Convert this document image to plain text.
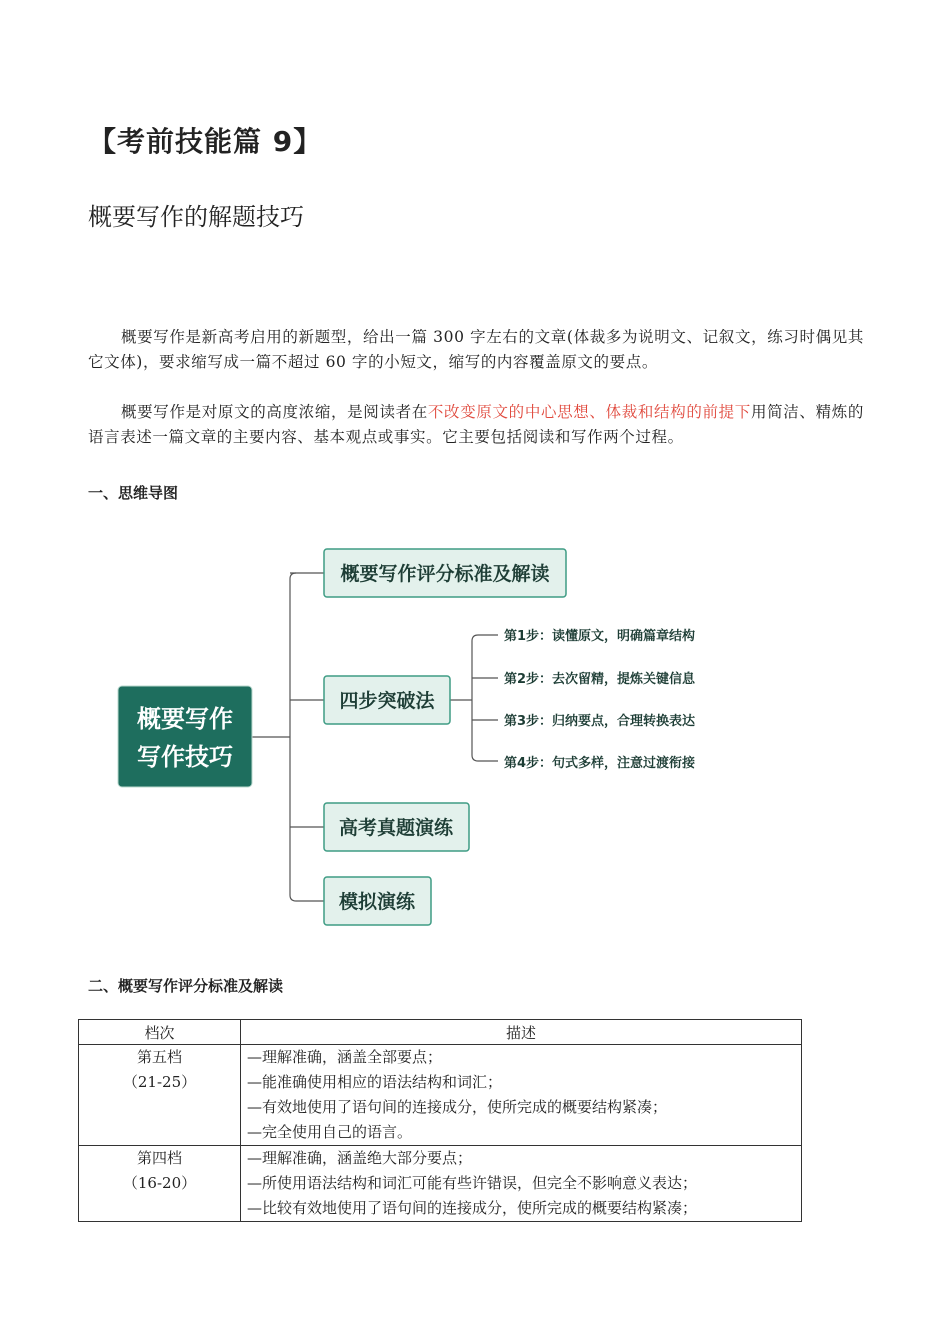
【考前技能篇 9】
概要写作的解题技巧

概要写作是新高考启用的新题型，给出一篇 300 字左右的文章(体裁多为说明文、记叙文，练习时偶见其它文体)，要求缩写成一篇不超过 60 字的小短文，缩写的内容覆盖原文的要点。

概要写作是对原文的高度浓缩，是阅读者在不改变原文的中心思想、体裁和结构的前提下用简洁、精炼的语言表述一篇文章的主要内容、基本观点或事实。它主要包括阅读和写作两个过程。

一、思维导图
概要写作
写作技巧
概要写作评分标准及解读
四步突破法
高考真题演练
模拟演练
第1步：读懂原文，明确篇章结构
第2步：去次留精，提炼关键信息
第3步：归纳要点，合理转换表达
第4步：句式多样，注意过渡衔接
二、概要写作评分标准及解读
档次	描述

第五档
（21-25）	—理解准确，涵盖全部要点；
—能准确使用相应的语法结构和词汇；
—有效地使用了语句间的连接成分，使所完成的概要结构紧凑；
—完全使用自己的语言。

第四档
（16-20）	—理解准确，涵盖绝大部分要点；
—所使用语法结构和词汇可能有些许错误，但完全不影响意义表达；
—比较有效地使用了语句间的连接成分，使所完成的概要结构紧凑；
